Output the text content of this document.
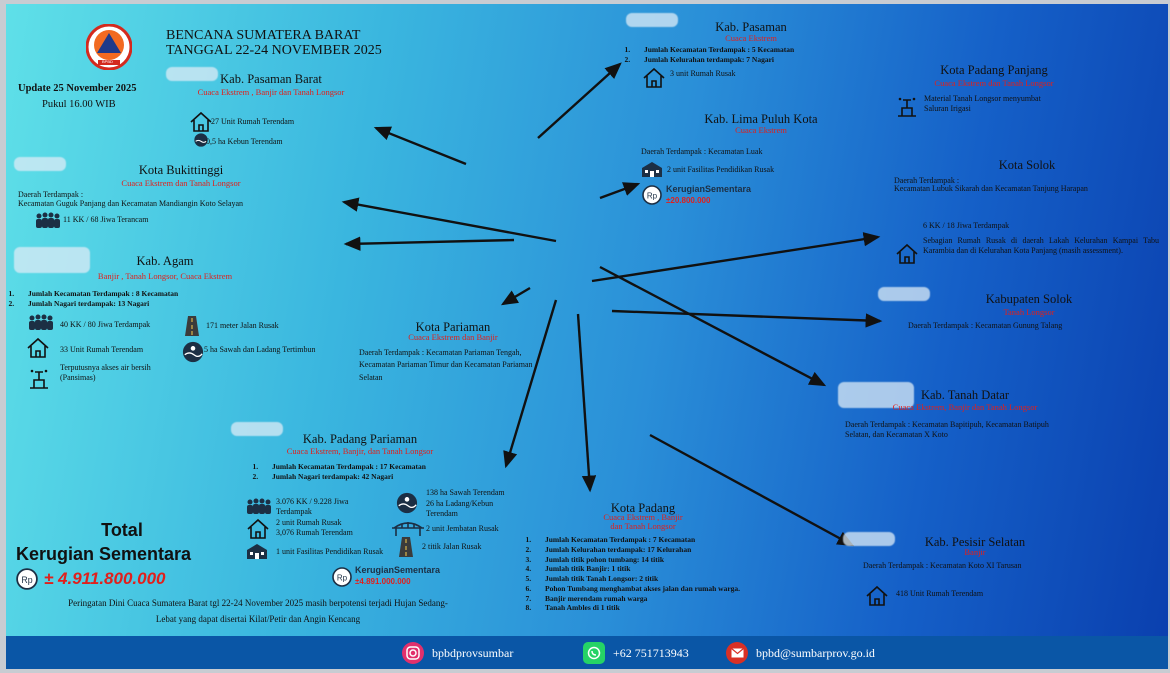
BPBD
BENCANA SUMATERA BARAT
TANGGAL 22-24 NOVEMBER 2025
Update 25 November 2025
Pukul 16.00 WIB
Kab. Pasaman Barat
Cuaca Ekstrem , Banjir dan Tanah Longsor
27 Unit Rumah Terendam
0,5 ha Kebun Terendam
Kota Bukittinggi
Cuaca Ekstrem dan Tanah Longsor
Daerah Terdampak :
Kecamatan Guguk Panjang dan Kecamatan Mandiangin Koto Selayan
11 KK / 68 Jiwa Terancam
Kab. Agam
Banjir , Tanah Longsor, Cuaca Ekstrem
1. Jumlah Kecamatan Terdampak : 8 Kecamatan
2. Jumlah Nagari terdampak: 13 Nagari
40 KK / 80 Jiwa Terdampak
33 Unit Rumah Terendam
Terputusnya akses air bersih (Pansimas)
171 meter Jalan Rusak
5 ha Sawah dan Ladang Tertimbun
Kota Pariaman
Cuaca Ekstrem dan Banjir
Daerah Terdampak : Kecamatan Pariaman Tengah, Kecamatan Pariaman Timur dan Kecamatan Pariaman Selatan
Kab. Padang Pariaman
Cuaca Ekstrem, Banjir, dan Tanah Longsor
1. Jumlah Kecamatan Terdampak : 17 Kecamatan
2. Jumlah Nagari terdampak: 42 Nagari
3.076 KK / 9.228 Jiwa Terdampak
2 unit Rumah Rusak
3,076 Rumah Terendam
1 unit Fasilitas Pendidikan Rusak
138 ha Sawah Terendam
26 ha Ladang/Kebun Terendam
2 unit Jembatan Rusak
2 titik Jalan Rusak
Rp
KerugianSementara
±4.891.000.000
Total
Kerugian Sementara
Rp ± 4.911.800.000
Peringatan Dini Cuaca Sumatera Barat tgl 22-24 November 2025 masih berpotensi terjadi Hujan Sedang-
Lebat yang dapat disertai Kilat/Petir dan Angin Kencang
Kab. Pasaman
Cuaca Ekstrem
1. Jumlah Kecamatan Terdampak : 5 Kecamatan
2. Jumlah Kelurahan terdampak: 7 Nagari
3 unit Rumah Rusak
Kab. Lima Puluh Kota
Cuaca Ekstrem
Daerah Terdampak : Kecamatan Luak
2 unit Fasilitas Pendidikan Rusak
Rp
KerugianSementara
±20.800.000
Kota Padang Panjang
Cuaca Ekstrem dan Tanah Longsor
Material Tanah Longsor menyumbat
Saluran Irigasi
Kota Solok
Daerah Terdampak :
Kecamatan Lubuk Sikarah dan Kecamatan Tanjung Harapan
6 KK / 18 Jiwa Terdampak
Sebagian Rumah Rusak di daerah Lakah Kelurahan Kampai Tabu Karambia dan di Kelurahan Kota Panjang (masih assessment).
Kabupaten Solok
Tanah Longsor
Daerah Terdampak : Kecamatan Gunung Talang
Kab. Tanah Datar
Cuaca Ekstrem, Banjir dan Tanah Longsor
Daerah Terdampak : Kecamatan Bapitipuh, Kecamatan Batipuh Selatan, dan Kecamatan X Koto
Kota Padang
Cuaca Ekstrem , Banjir dan Tanah Longsor
1. Jumlah Kecamatan Terdampak : 7 Kecamatan
2. Jumlah Kelurahan terdampak: 17 Kelurahan
3. Jumlah titik pohon tumbang: 14 titik
4. Jumlah titik Banjir: 1 titik
5. Jumlah titik Tanah Longsor: 2 titik
6. Pohon Tumbang menghambat akses jalan dan rumah warga.
7. Banjir merendam rumah warga
8. Tanah Ambles di 1 titik
Kab. Pesisir Selatan
Banjir
Daerah Terdampak : Kecamatan Koto XI Tarusan
418 Unit Rumah Terendam
bpbdprovsumbar	+62 751713943	bpbd@sumbarprov.go.id
